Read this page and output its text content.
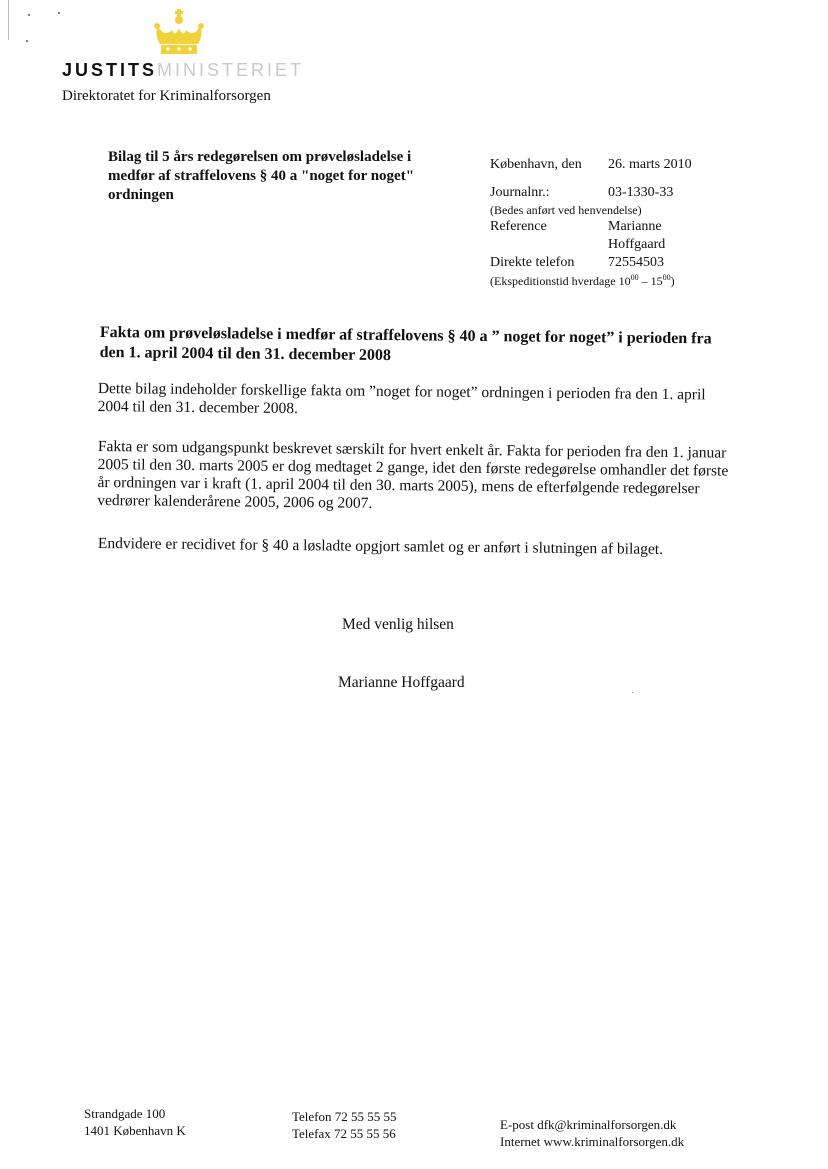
JUSTITSMINISTERIET
Direktoratet for Kriminalforsorgen
Bilag til 5 års redegørelsen om prøveløsladelse i medfør af straffelovens § 40 a "noget for noget" ordningen
København, den 26. marts 2010
Journalnr.:	03-1330-33
(Bedes anført ved henvendelse)
Reference	Marianne
Hoffgaard
Direkte telefon 72554503
(Ekspeditionstid hverdage $10^{00} - 15^{00}$)
Fakta om prøveløsladelse i medfør af straffelovens § 40 a ” noget for noget” i perioden fra den 1. april 2004 til den 31. december 2008
Dette bilag indeholder forskellige fakta om ”noget for noget” ordningen i perioden fra den 1. april 2004 til den 31. december 2008.
Fakta er som udgangspunkt beskrevet særskilt for hvert enkelt år. Fakta for perioden fra den 1. januar 2005 til den 30. marts 2005 er dog medtaget 2 gange, idet den første redegørelse omhandler det første år ordningen var i kraft (1. april 2004 til den 30. marts 2005), mens de efterfølgende redegørelser vedrører kalenderårene 2005, 2006 og 2007.
Endvidere er recidivet for § 40 a løsladte opgjort samlet og er anført i slutningen af bilaget.
Med venlig hilsen
Marianne Hoffgaard
Strandgade 100
1401 København K
Telefon 72 55 55 55
Telefax 72 55 55 56
E-post dfk@kriminalforsorgen.dk
Internet www.kriminalforsorgen.dk
